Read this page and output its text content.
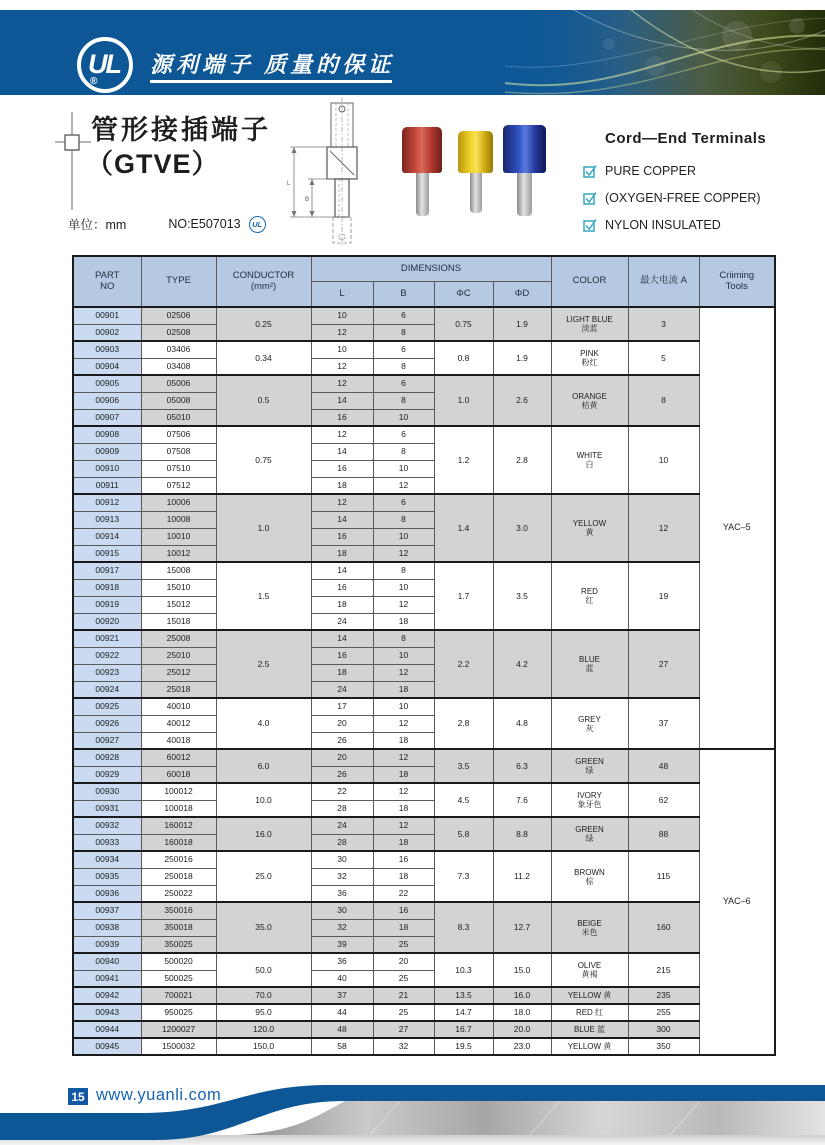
UL
®
源利端子 质量的保证
管形接插端子
（GTVE）
L
B
Cord—End Terminals
PURE COPPER
(OXYGEN-FREE COPPER)
NYLON INSULATED
单位：mm	NO:E507013	UL
PART
NO	TYPE	CONDUCTOR
(mm²)	DIMENSIONS				COLOR	最大电流 A	Criiming
Tools
			L	B	ΦC	ΦD			
00901	02506	0.25	10	6	0.75	1.9	LIGHT BLUE
淡蓝	3	YAC–5
00902	02508		12	8					
00903	03406	0.34	10	6	0.8	1.9	PINK
粉红	5	
00904	03408		12	8					
00905	05006	0.5	12	6	1.0	2.6	ORANGE
桔黄	8	
00906	05008		14	8					
00907	05010		16	10					
00908	07506	0.75	12	6	1.2	2.8	WHITE
白	10	
00909	07508		14	8					
00910	07510		16	10					
00911	07512		18	12					
00912	10006	1.0	12	6	1.4	3.0	YELLOW
黄	12	
00913	10008		14	8					
00914	10010		16	10					
00915	10012		18	12					
00917	15008	1.5	14	8	1.7	3.5	RED
红	19	
00918	15010		16	10					
00919	15012		18	12					
00920	15018		24	18					
00921	25008	2.5	14	8	2.2	4.2	BLUE
蓝	27	
00922	25010		16	10					
00923	25012		18	12					
00924	25018		24	18					
00925	40010	4.0	17	10	2.8	4.8	GREY
灰	37	
00926	40012		20	12					
00927	40018		26	18					
00928	60012	6.0	20	12	3.5	6.3	GREEN
绿	48	YAC–6
00929	60018		26	18					
00930	100012	10.0	22	12	4.5	7.6	IVORY
象牙色	62	
00931	100018		28	18					
00932	160012	16.0	24	12	5.8	8.8	GREEN
绿	88	
00933	160018		28	18					
00934	250016	25.0	30	16	7.3	11.2	BROWN
棕	115	
00935	250018		32	18					
00936	250022		36	22					
00937	350016	35.0	30	16	8.3	12.7	BEIGE
米色	160	
00938	350018		32	18					
00939	350025		39	25					
00940	500020	50.0	36	20	10.3	15.0	OLIVE
黄褐	215	
00941	500025		40	25					
00942	700021	70.0	37	21	13.5	16.0	YELLOW 黄	235	
00943	950025	95.0	44	25	14.7	18.0	RED 红	255	
00944	1200027	120.0	48	27	16.7	20.0	BLUE 蓝	300	
00945	1500032	150.0	58	32	19.5	23.0	YELLOW 黄	350	
15 www.yuanli.com
